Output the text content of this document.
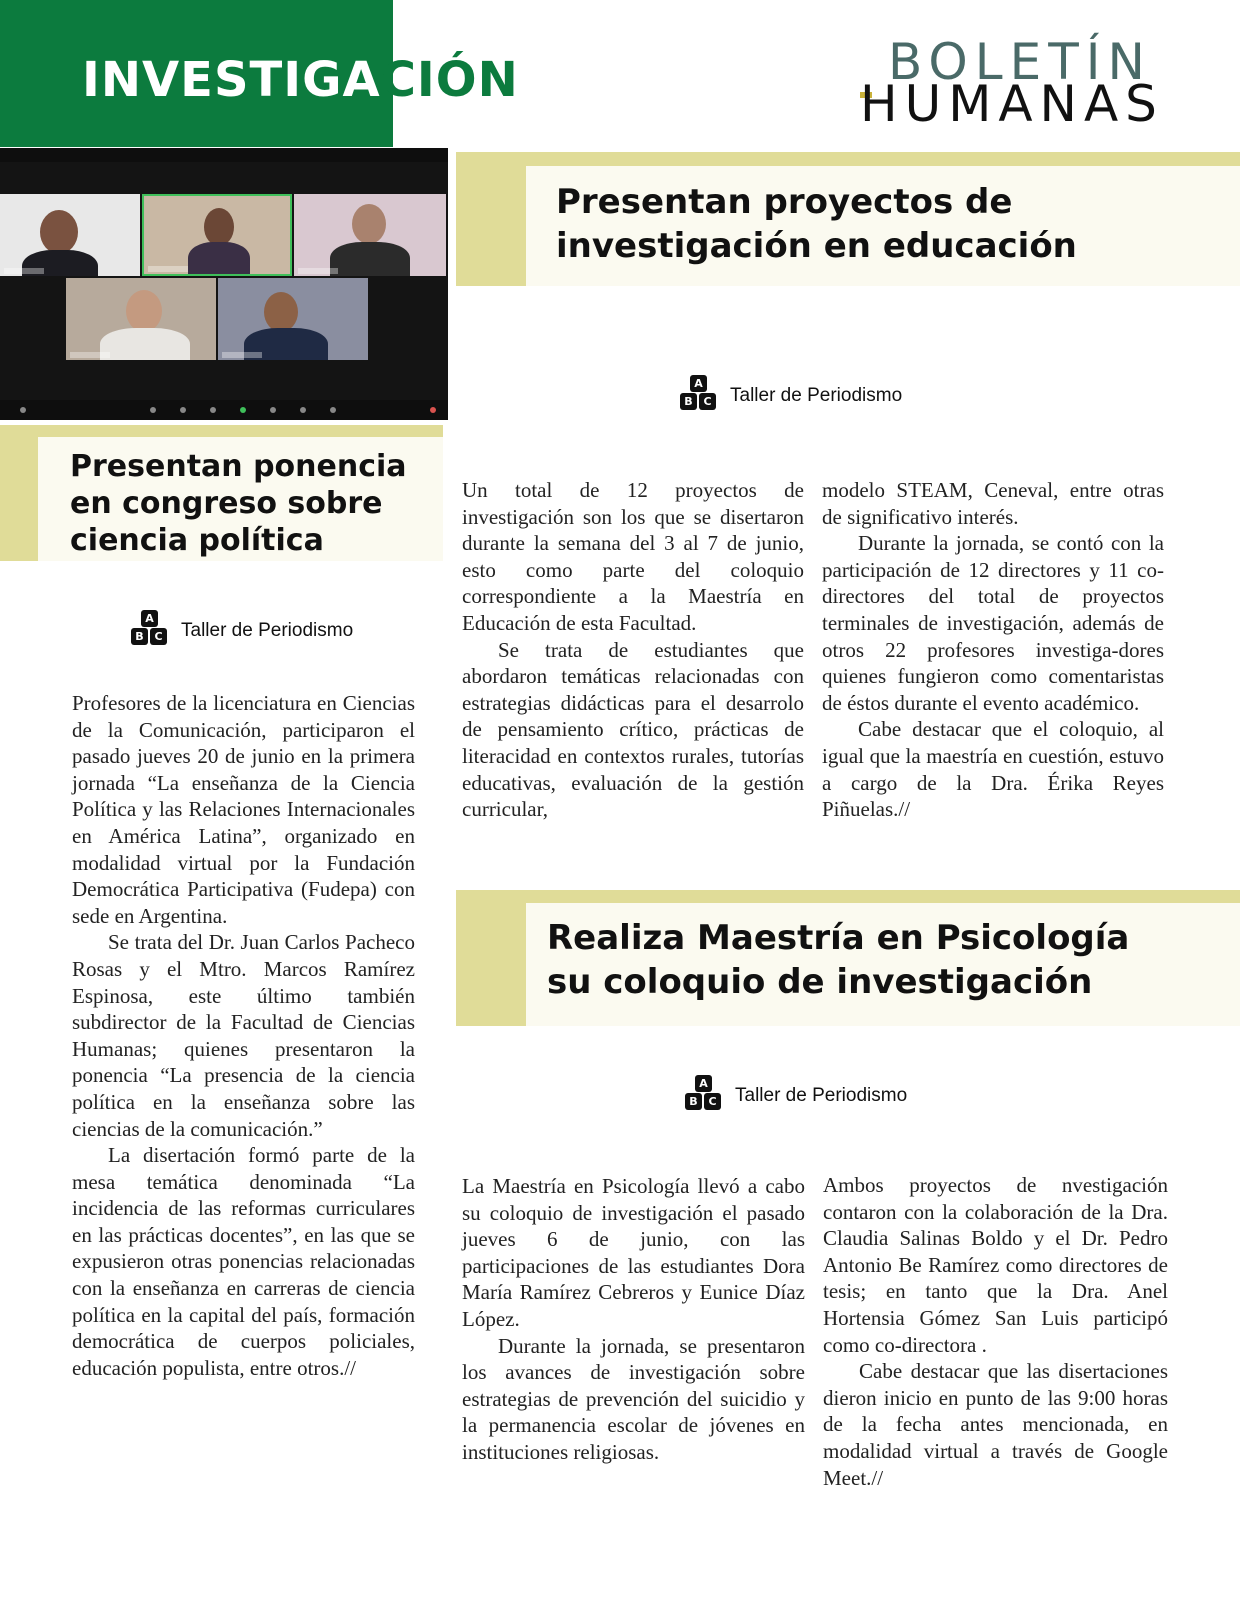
INVESTIGACIÓN	BOLETÍN
HUMANAS
Presentan ponencia
en congreso sobre
ciencia política
A
B C Taller de Periodismo

Profesores de la licenciatura en Ciencias de la Comunicación, participaron el pasado jueves 20 de junio en la primera jornada “La enseñanza de la Ciencia Política y las Relaciones Internacionales en América Latina”, organizado en modalidad virtual por la Fundación Democrática Participativa (Fudepa) con sede en Argentina.

Se trata del Dr. Juan Carlos Pacheco Rosas y el Mtro. Marcos Ramírez Espinosa, este último también subdirector de la Facultad de Ciencias Humanas; quienes presentaron la ponencia “La presencia de la ciencia política en la enseñanza sobre las ciencias de la comunicación.”

La disertación formó parte de la mesa temática denominada “La incidencia de las reformas curriculares en las prácticas docentes”, en las que se expusieron otras ponencias relacionadas con la enseñanza en carreras de ciencia política en la capital del país, formación democrática de cuerpos policiales, educación populista, entre otros.//

Presentan proyectos de
investigación en educación
A
B C Taller de Periodismo

Un total de 12 proyectos de investigación son los que se disertaron durante la semana del 3 al 7 de junio, esto como parte del coloquio correspondiente a la Maestría en Educación de esta Facultad.

Se trata de estudiantes que abordaron temáticas relacionadas con estrategias didácticas para el desarrolo de pensamiento crítico, prácticas de literacidad en contextos rurales, tutorías educativas, evaluación de la gestión curricular,

modelo STEAM, Ceneval, entre otras de significativo interés.

Durante la jornada, se contó con la participación de 12 directores y 11 co-directores del total de proyectos terminales de investigación, además de otros 22 profesores investiga-dores quienes fungieron como comentaristas de éstos durante el evento académico.

Cabe destacar que el coloquio, al igual que la maestría en cuestión, estuvo a cargo de la Dra. Érika Reyes Piñuelas.//

Realiza Maestría en Psicología
su coloquio de investigación
A
B C Taller de Periodismo

La Maestría en Psicología llevó a cabo su coloquio de investigación el pasado jueves 6 de junio, con las participaciones de las estudiantes Dora María Ramírez Cebreros y Eunice Díaz López.

Durante la jornada, se presentaron los avances de investigación sobre estrategias de prevención del suicidio y la permanencia escolar de jóvenes en instituciones religiosas.

Ambos proyectos de nvestigación contaron con la colaboración de la Dra. Claudia Salinas Boldo y el Dr. Pedro Antonio Be Ramírez como directores de tesis; en tanto que la Dra. Anel Hortensia Gómez San Luis participó como co-directora .

Cabe destacar que las disertaciones dieron inicio en punto de las 9:00 horas de la fecha antes mencionada, en modalidad virtual a través de Google Meet.//
